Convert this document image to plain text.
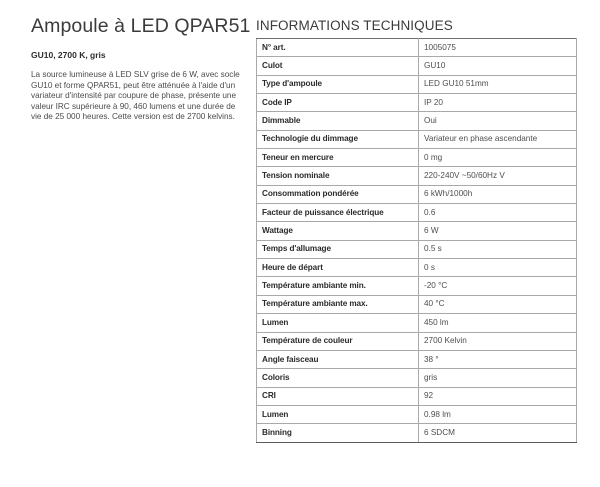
Ampoule à LED QPAR51
GU10, 2700 K, gris
La source lumineuse à LED SLV grise de 6 W, avec socle GU10 et forme QPAR51, peut être atténuée à l'aide d'un variateur d'intensité par coupure de phase, présente une valeur IRC supérieure à 90, 460 lumens et une durée de vie de 25 000 heures. Cette version est de 2700 kelvins.
INFORMATIONS TECHNIQUES
N° art.	1005075
Culot	GU10
Type d'ampoule	LED GU10 51mm
Code IP	IP 20
Dimmable	Oui
Technologie du dimmage	Variateur en phase ascendante
Teneur en mercure	0 mg
Tension nominale	220-240V ~50/60Hz V
Consommation pondérée	6 kWh/1000h
Facteur de puissance électrique	0.6
Wattage	6 W
Temps d'allumage	0.5 s
Heure de départ	0 s
Température ambiante min.	-20 °C
Température ambiante max.	40 °C
Lumen	450 lm
Température de couleur	2700 Kelvin
Angle faisceau	38 °
Coloris	gris
CRI	92
Lumen	0.98 lm
Binning	6 SDCM
